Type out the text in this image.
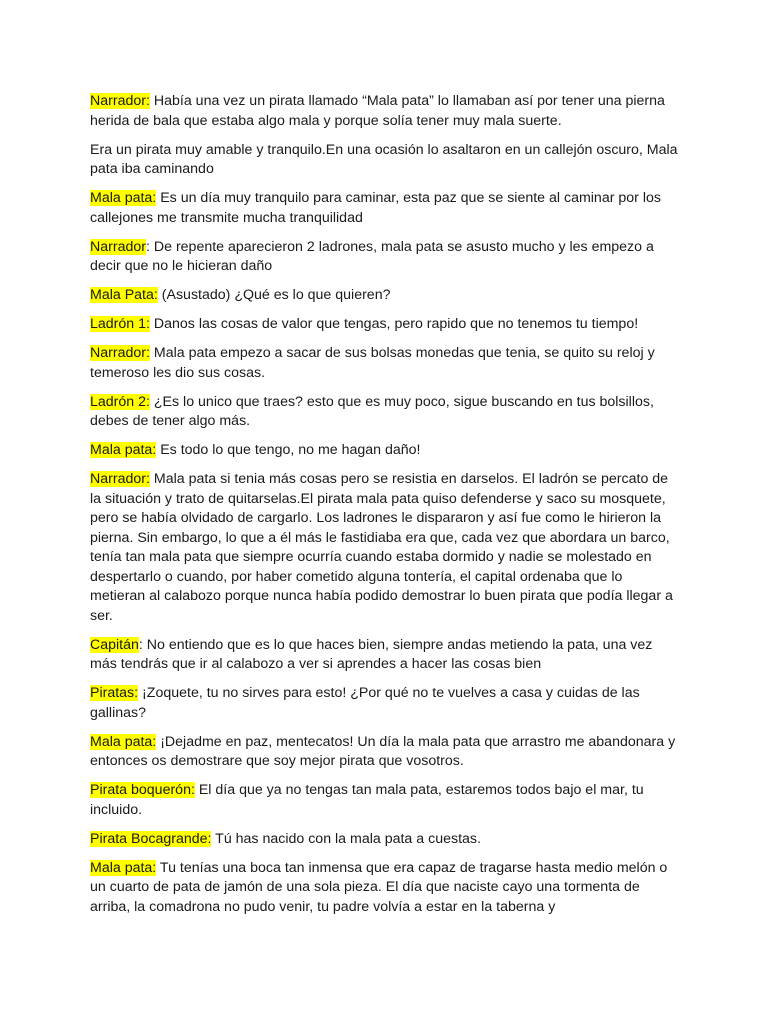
Narrador: Había una vez un pirata llamado “Mala pata” lo llamaban así por tener una pierna herida de bala que estaba algo mala y porque solía tener muy mala suerte.

Era un pirata muy amable y tranquilo.En una ocasión lo asaltaron en un callejón oscuro, Mala pata iba caminando

Mala pata: Es un día muy tranquilo para caminar, esta paz que se siente al caminar por los callejones me transmite mucha tranquilidad

Narrador: De repente aparecieron 2 ladrones, mala pata se asusto mucho y les empezo a decir que no le hicieran daño

Mala Pata: (Asustado) ¿Qué es lo que quieren?

Ladrón 1: Danos las cosas de valor que tengas, pero rapido que no tenemos tu tiempo!

Narrador: Mala pata empezo a sacar de sus bolsas monedas que tenia, se quito su reloj y temeroso les dio sus cosas.

Ladrón 2: ¿Es lo unico que traes? esto que es muy poco, sigue buscando en tus bolsillos, debes de tener algo más.

Mala pata: Es todo lo que tengo, no me hagan daño!

Narrador: Mala pata si tenia más cosas pero se resistia en darselos. El ladrón se percato de la situación y trato de quitarselas.El pirata mala pata quiso defenderse y saco su mosquete, pero se había olvidado de cargarlo. Los ladrones le dispararon y así fue como le hirieron la pierna. Sin embargo, lo que a él más le fastidiaba era que, cada vez que abordara un barco, tenía tan mala pata que siempre ocurría cuando estaba dormido y nadie se molestado en despertarlo o cuando, por haber cometido alguna tontería, el capital ordenaba que lo metieran al calabozo porque nunca había podido demostrar lo buen pirata que podía llegar a ser.

Capitán: No entiendo que es lo que haces bien, siempre andas metiendo la pata, una vez más tendrás que ir al calabozo a ver si aprendes a hacer las cosas bien

Piratas: ¡Zoquete, tu no sirves para esto! ¿Por qué no te vuelves a casa y cuidas de las gallinas?

Mala pata: ¡Dejadme en paz, mentecatos! Un día la mala pata que arrastro me abandonara y entonces os demostrare que soy mejor pirata que vosotros.

Pirata boquerón: El día que ya no tengas tan mala pata, estaremos todos bajo el mar, tu incluido.

Pirata Bocagrande: Tú has nacido con la mala pata a cuestas.

Mala pata: Tu tenías una boca tan inmensa que era capaz de tragarse hasta medio melón o un cuarto de pata de jamón de una sola pieza. El día que naciste cayo una tormenta de arriba, la comadrona no pudo venir, tu padre volvía a estar en la taberna y
